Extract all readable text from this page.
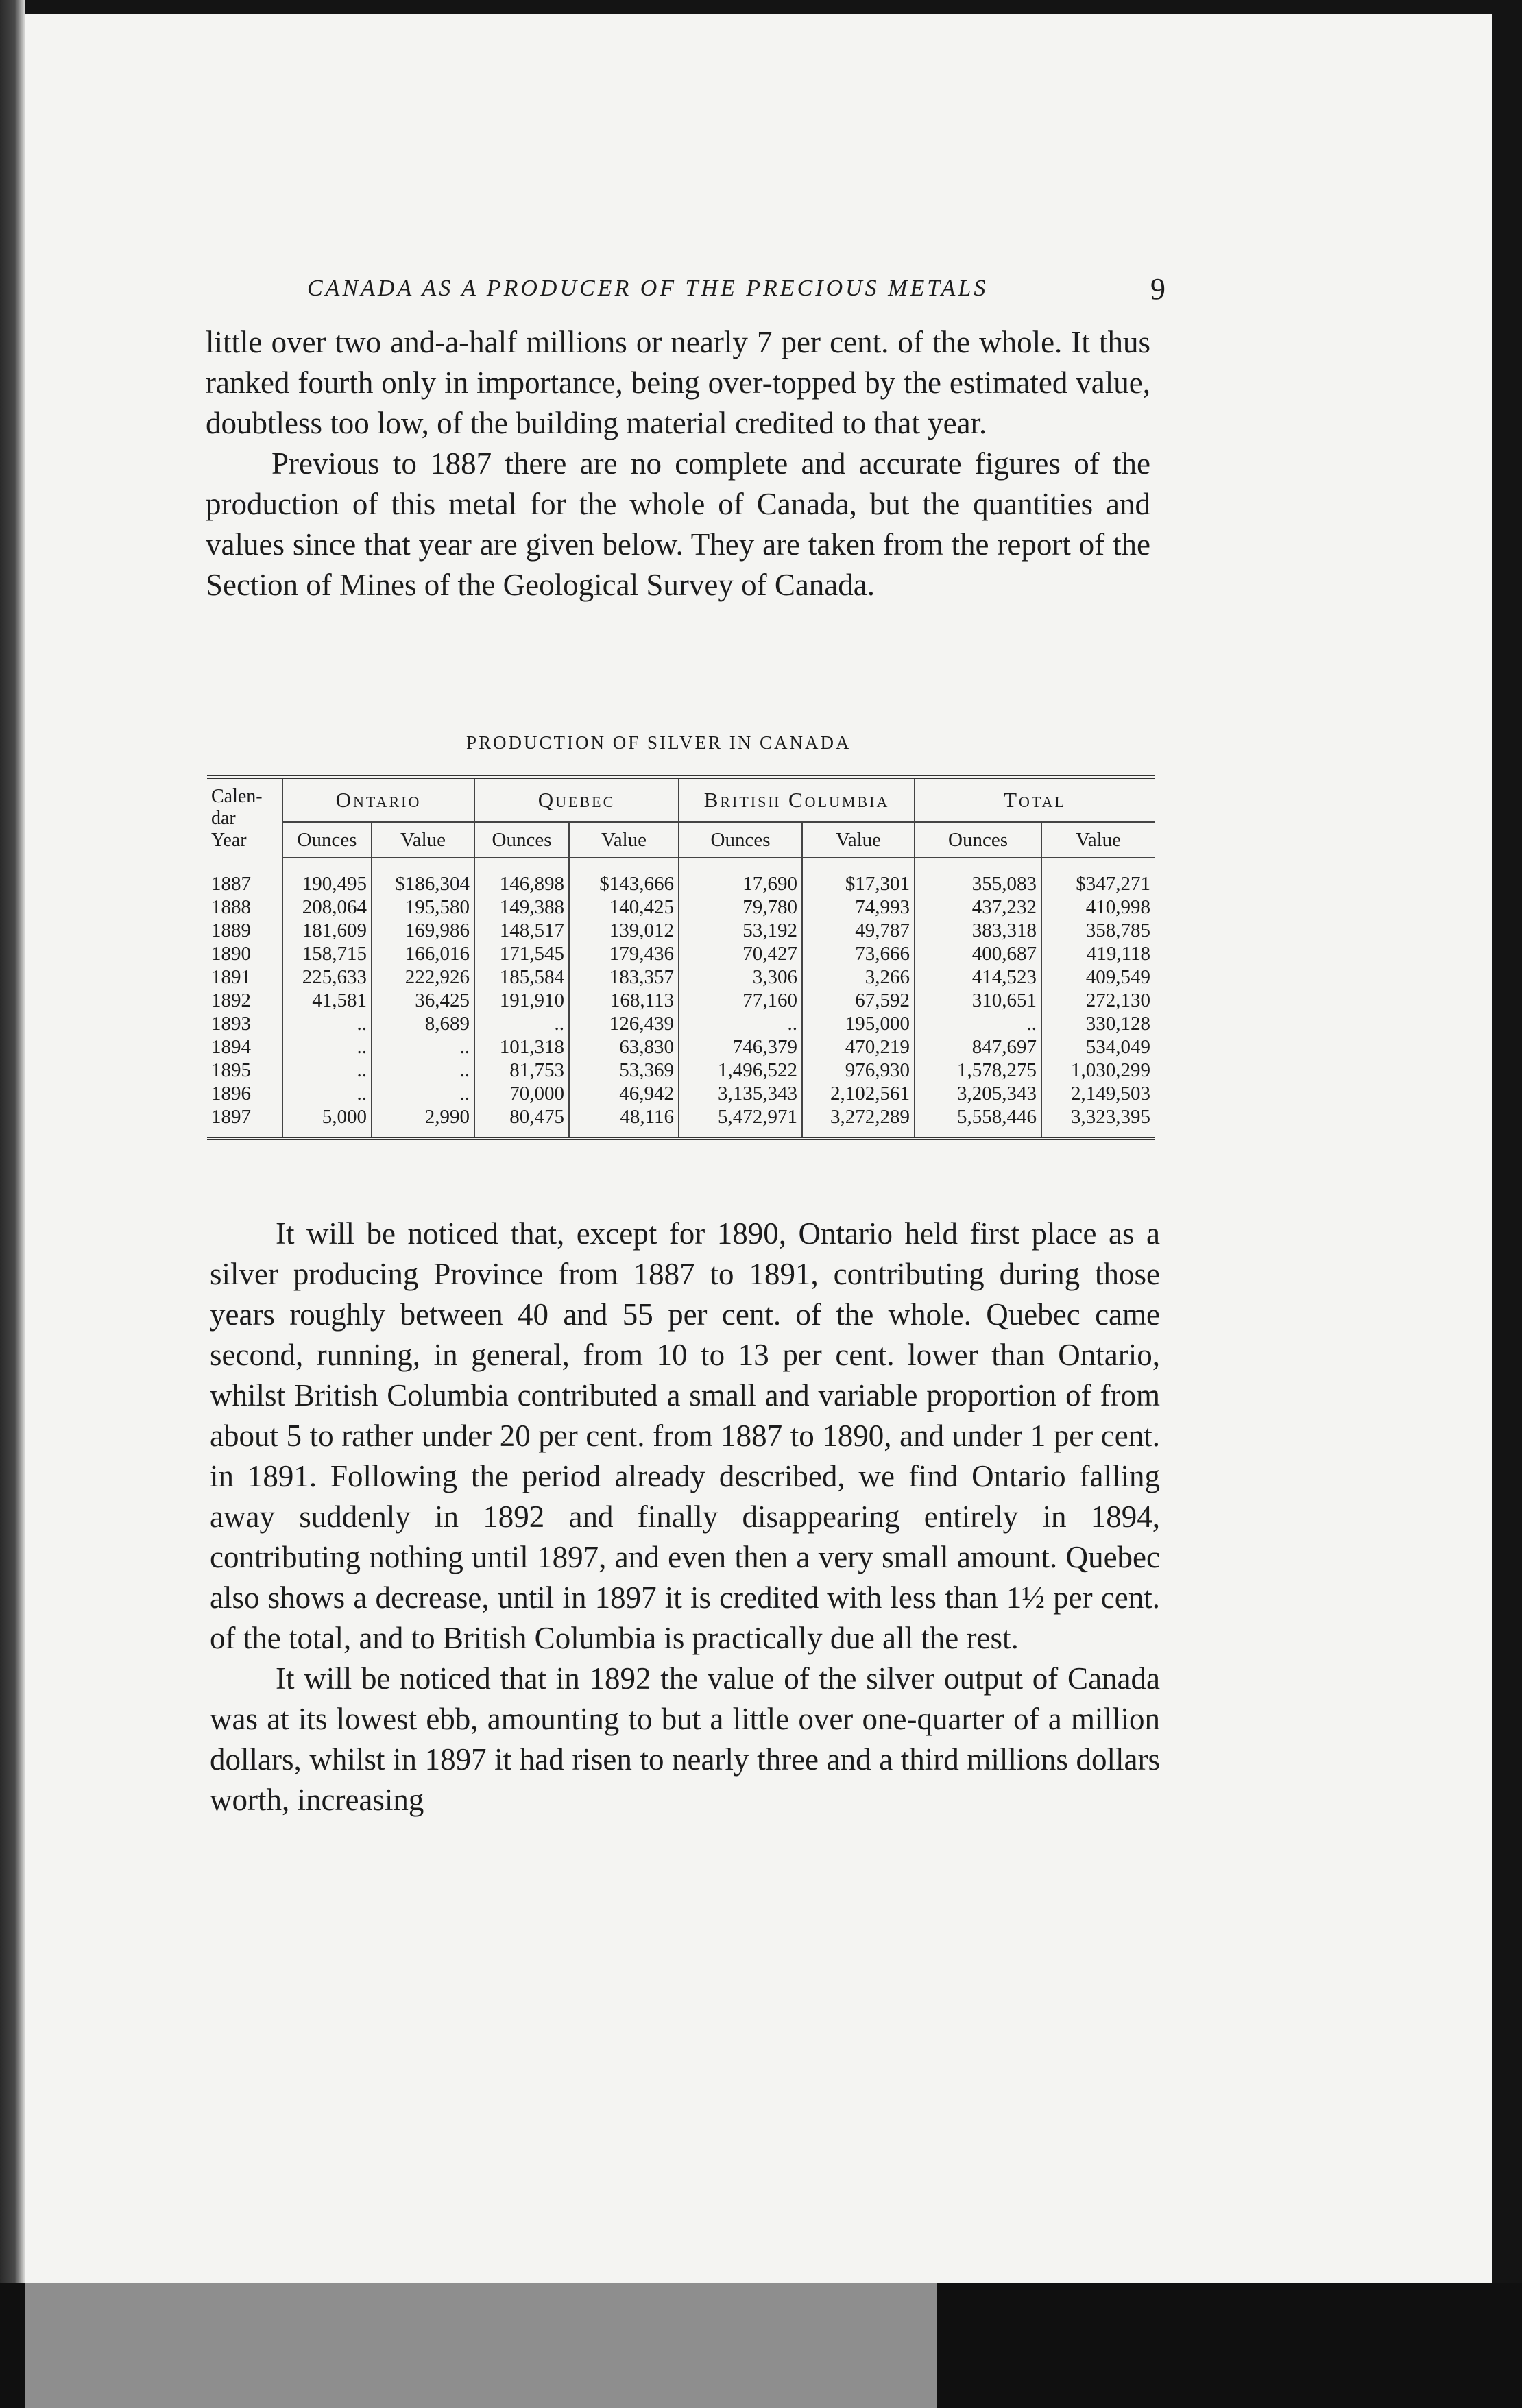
CANADA AS A PRODUCER OF THE PRECIOUS METALS	9

little over two and-a-half millions or nearly 7 per cent. of the whole. It thus ranked fourth only in importance, being over-topped by the estimated value, doubtless too low, of the building material credited to that year.

Previous to 1887 there are no complete and accurate figures of the production of this metal for the whole of Canada, but the quantities and values since that year are given below. They are taken from the report of the Section of Mines of the Geological Survey of Canada.

PRODUCTION OF SILVER IN CANADA
Calen-
dar
Year	Ontario		Quebec		British Columbia		Total	
	Ounces	Value	Ounces	Value	Ounces	Value	Ounces	Value
1887	190,495	$186,304	146,898	$143,666	17,690	$17,301	355,083	$347,271
1888	208,064	195,580	149,388	140,425	79,780	74,993	437,232	410,998
1889	181,609	169,986	148,517	139,012	53,192	49,787	383,318	358,785
1890	158,715	166,016	171,545	179,436	70,427	73,666	400,687	419,118
1891	225,633	222,926	185,584	183,357	3,306	3,266	414,523	409,549
1892	41,581	36,425	191,910	168,113	77,160	67,592	310,651	272,130
1893	..	8,689	..	126,439	..	195,000	..	330,128
1894	..	..	101,318	63,830	746,379	470,219	847,697	534,049
1895	..	..	81,753	53,369	1,496,522	976,930	1,578,275	1,030,299
1896	..	..	70,000	46,942	3,135,343	2,102,561	3,205,343	2,149,503
1897	5,000	2,990	80,475	48,116	5,472,971	3,272,289	5,558,446	3,323,395

It will be noticed that, except for 1890, Ontario held first place as a silver producing Province from 1887 to 1891, contributing during those years roughly between 40 and 55 per cent. of the whole. Quebec came second, running, in general, from 10 to 13 per cent. lower than Ontario, whilst British Columbia contributed a small and variable proportion of from about 5 to rather under 20 per cent. from 1887 to 1890, and under 1 per cent. in 1891. Following the period already described, we find Ontario falling away suddenly in 1892 and finally disappearing entirely in 1894, contributing nothing until 1897, and even then a very small amount. Quebec also shows a decrease, until in 1897 it is credited with less than 1½ per cent. of the total, and to British Columbia is practically due all the rest.

It will be noticed that in 1892 the value of the silver output of Canada was at its lowest ebb, amounting to but a little over one-quarter of a million dollars, whilst in 1897 it had risen to nearly three and a third millions dollars worth, increasing
